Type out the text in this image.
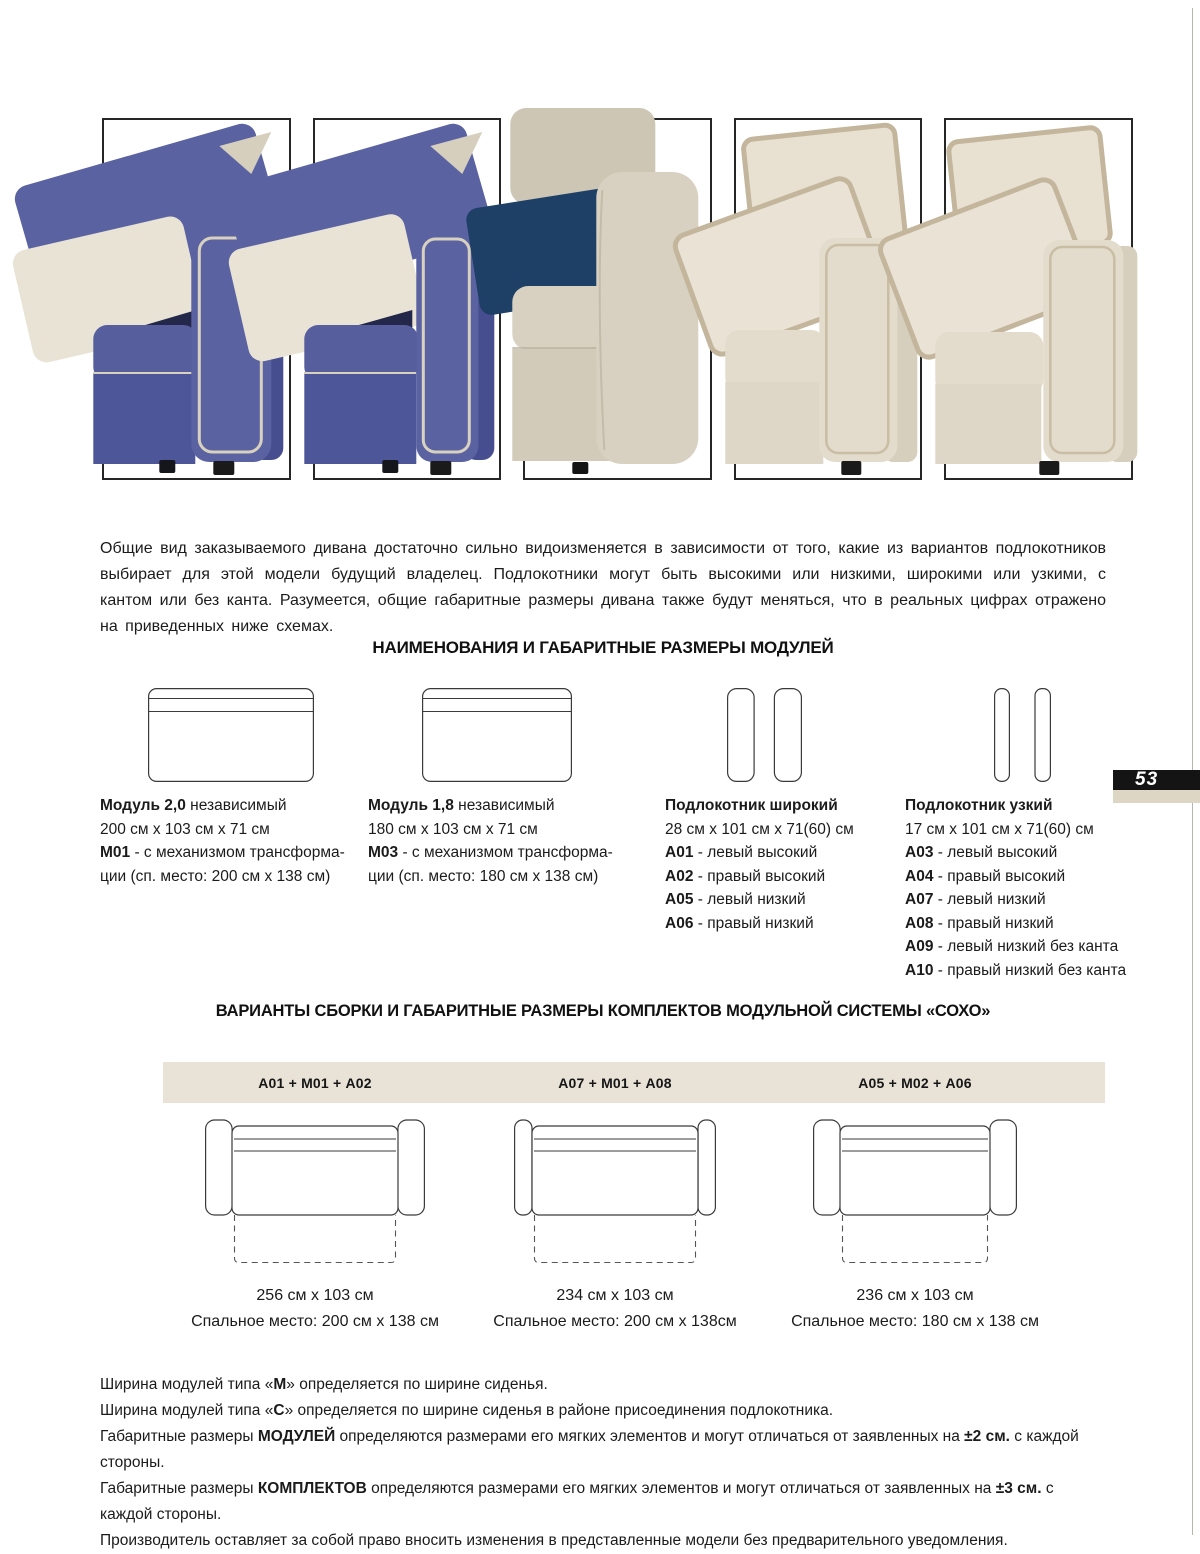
Общие вид заказываемого дивана достаточно сильно видоизменяется в зависимости от того, какие из вариантов подлокотников выбирает для этой модели будущий владелец. Подлокотники могут быть высокими или низкими, широкими или узкими, с кантом или без канта. Разумеется, общие габаритные размеры дивана также будут меняться, что в реальных цифрах отражено на приведенных ниже схемах.
НАИМЕНОВАНИЯ И ГАБАРИТНЫЕ РАЗМЕРЫ МОДУЛЕЙ
Модуль 2,0 независимый
200 см х 103 см х 71 см
М01 - с механизмом трансформации (сп. место: 200 см х 138 см)
Модуль 1,8 независимый
180 см х 103 см х 71 см
М03 - с механизмом трансформации (сп. место: 180 см х 138 см)
Подлокотник широкий
28 см х 101 см х 71(60) см
А01 - левый высокий
А02 - правый высокий
А05 - левый низкий
А06 - правый низкий
Подлокотник узкий
17 см х 101 см х 71(60) см
А03 - левый высокий
А04 - правый высокий
А07 - левый низкий
А08 - правый низкий
А09 - левый низкий без канта
А10 - правый низкий без канта
53
ВАРИАНТЫ СБОРКИ И ГАБАРИТНЫЕ РАЗМЕРЫ КОМПЛЕКТОВ МОДУЛЬНОЙ СИСТЕМЫ «СОХО»
А01 + М01 + А02	А07 + М01 + А08	А05 + М02 + А06
256 см х 103 см
Спальное место: 200 см х 138 см
234 см х 103 см
Спальное место: 200 см х 138см
236 см х 103 см
Спальное место: 180 см х 138 см
Ширина модулей типа «М» определяется по ширине сиденья.
Ширина модулей типа «С» определяется по ширине сиденья в районе присоединения подлокотника.
Габаритные размеры МОДУЛЕЙ определяются размерами его мягких элементов и могут отличаться от заявленных на ±2 см. с каждой стороны.
Габаритные размеры КОМПЛЕКТОВ определяются размерами его мягких элементов и могут отличаться от заявленных на ±3 см. с каждой стороны.
Производитель оставляет за собой право вносить изменения в представленные модели без предварительного уведомления.
